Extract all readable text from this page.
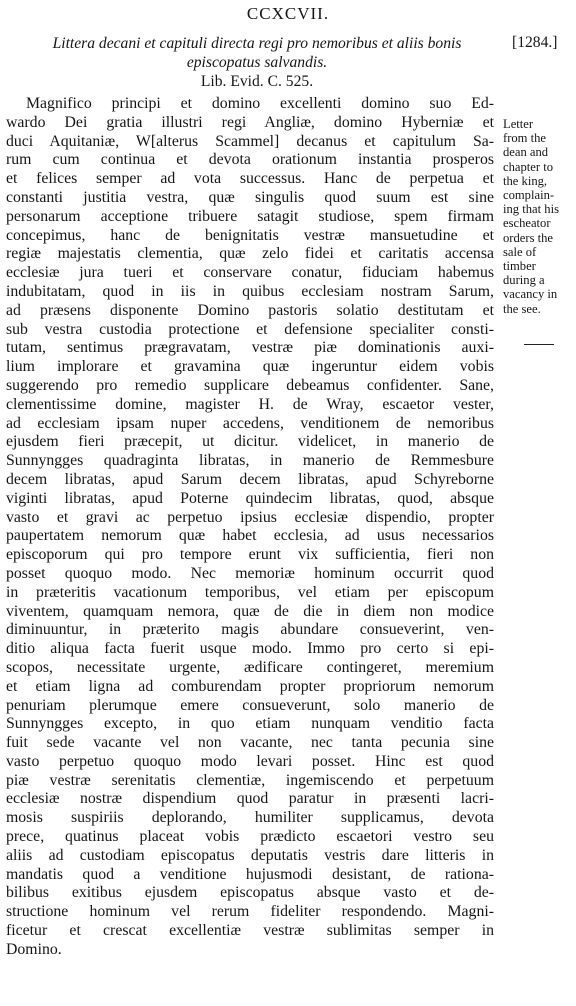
CCXCVII.
Littera decani et capituli directa regi pro nemoribus et aliis bonis
episcopatus salvandis.
[1284.]
Lib. Evid. C. 525.
Magnifico principi et domino excellenti domino suo Ed-
wardo Dei gratia illustri regi Angliæ, domino Hyberniæ et
duci Aquitaniæ, W[alterus Scammel] decanus et capitulum Sa-
rum cum continua et devota orationum instantia prosperos
et felices semper ad vota successus. Hanc de perpetua et
constanti justitia vestra, quæ singulis quod suum est sine
personarum acceptione tribuere satagit studiose, spem firmam
concepimus, hanc de benignitatis vestræ mansuetudine et
regiæ majestatis clementia, quæ zelo fidei et caritatis accensa
ecclesiæ jura tueri et conservare conatur, fiduciam habemus
indubitatam, quod in iis in quibus ecclesiam nostram Sarum,
ad præsens disponente Domino pastoris solatio destitutam et
sub vestra custodia protectione et defensione specialiter consti-
tutam, sentimus prægravatam, vestræ piæ dominationis auxi-
lium implorare et gravamina quæ ingeruntur eidem vobis
suggerendo pro remedio supplicare debeamus confidenter. Sane,
clementissime domine, magister H. de Wray, escaetor vester,
ad ecclesiam ipsam nuper accedens, venditionem de nemoribus
ejusdem fieri præcepit, ut dicitur. videlicet, in manerio de
Sunnyngges quadraginta libratas, in manerio de Remmesbure
decem libratas, apud Sarum decem libratas, apud Schyreborne
viginti libratas, apud Poterne quindecim libratas, quod, absque
vasto et gravi ac perpetuo ipsius ecclesiæ dispendio, propter
paupertatem nemorum quæ habet ecclesia, ad usus necessarios
episcoporum qui pro tempore erunt vix sufficientia, fieri non
posset quoquo modo. Nec memoriæ hominum occurrit quod
in præteritis vacationum temporibus, vel etiam per episcopum
viventem, quamquam nemora, quæ de die in diem non modice
diminuuntur, in præterito magis abundare consueverint, ven-
ditio aliqua facta fuerit usque modo. Immo pro certo si epi-
scopos, necessitate urgente, ædificare contingeret, meremium
et etiam ligna ad comburendam propter propriorum nemorum
penuriam plerumque emere consueverunt, solo manerio de
Sunnyngges excepto, in quo etiam nunquam venditio facta
fuit sede vacante vel non vacante, nec tanta pecunia sine
vasto perpetuo quoquo modo levari posset. Hinc est quod
piæ vestræ serenitatis clementiæ, ingemiscendo et perpetuum
ecclesiæ nostræ dispendium quod paratur in præsenti lacri-
mosis suspiriis deplorando, humiliter supplicamus, devota
prece, quatinus placeat vobis prædicto escaetori vestro seu
aliis ad custodiam episcopatus deputatis vestris dare litteris in
mandatis quod a venditione hujusmodi desistant, de rationa-
bilibus exitibus ejusdem episcopatus absque vasto et de-
structione hominum vel rerum fideliter respondendo. Magni-
ficetur et crescat excellentiæ vestræ sublimitas semper in
Domino.
Letter
from the
dean and
chapter to
the king,
complain-
ing that his
escheator
orders the
sale of
timber
during a
vacancy in
the see.
